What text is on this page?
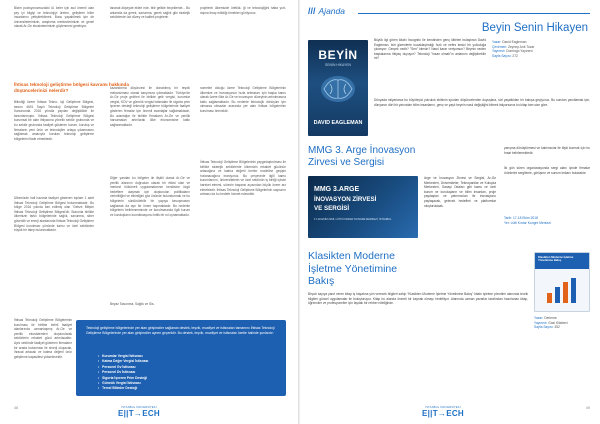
Bizim pozisyonumuzdaki ül- keler için asıl önemli olan şey iyi bilgiyi ve teknolojiyi üreten, geliştiren bilim insanlarını yetiştirebilmek. Bunu yapabilmek için de üniversitelerimizin, araştırma merkezlerimizin ve genel olarak Ar-Ge ekosistemimizin güçlenmesi gerekiyor.
lanarak düşeyde ekleri ede- bilir gelikle birçeklerde... Bu anlamda da gerek, savunma, gerek sağlık gibi stratejik sektörlerde üst düzey ve kaliteli projelerin
projelerin ülkemizde üretildi- ği ve teknolojiğini hatta yurt- dışına ihraç edildiği örnekleri görüyoruz.
İhtisas teknoloji geliştirme bölgesi kavramı hakkında düşüncelerinizi nelerdir?
Bilindiği üzere İhtisas Tekno- loji Geliştirme Bölgesi, tanımı 4691 Sayılı Teknoloji Geliştirme Bölgeleri Kanununda 2016 yılında yapılan değişiklikle ile tanımlanmıştır. İhtisas Teknoloji Geliştirme Bölgesi kurumsal bir alan ihtiyacına yönelik sektör grubunda ve bu sektör grubunda faaliyet gösteren kurum, kuruluş ve firmaların yeni ürün ve teknolojiler ortaya çıkarmasını sağlamak amacıyla kurulan teknoloji geliştirme bölgelerini ifade etmektedir.
Ülkemizde hali hazırda faaliyet gösteren toplam 1 adet İhtisas Teknoloji Geliştirme Bölgesi bulunmaktadır. Bu bölge 2016 yılında ilan edilmiş olan 'Gebze Bilişim İhtisas Teknoloji Geliştirme Bölgesi'dir. Bununla birlikte ülkemizin farklı bölgelerinde sağlık, savunma, siber güvenlik ve enerji alanlarında İhtisas Teknoloji Geliştirme Bölgesi kurulması yönünde kamu ve özel sektörden büyük bir talep bulunmaktadır.
İhtisas Teknoloji Geliştirme Bölgelerinin kurulması ile birlikte belirli faaliyet alanlarında uzmanlaşmış Ar-Ge ve yenilik ekosistemleri oluşturularak sektörlerin rekabet gücü artırılacaktır. Aynı sektörde faaliyet gösteren firmaların bir arada bulunması ile sinerji oluşacak, ihracat artacak ve katma değerli ürün geliştirme kapasitesi yükselecektir.
kazandırma düşüncesi ile donatılmış bir teşvik mekanizması olarak karşımıza çıkmaktadır. Türkiye'de Ar-Ge proje gelirleri ile birlikte gelir vergisi, kurumlar vergisi, KDV ve gümrük vergisi istisnaları ile sigorta prim işveren desteği teknoloji geliştirme bölgelerinde faaliyet gösteren firmalar için önemli avantajlar sağlamaktadır. Bu avantajlar ile birlikte firmaların Ar-Ge ve yenilik harcamaları artırılarak ülke ekonomisine katkı sağlanmaktadır.
Diğer yandan bu bölgeler ile ilişkili olarak Ar-Ge ve yenilik alanının doğrudan olarak bir etkisi olan ve merkezi hükümeti uygulamalarının kendisine özgü hedeflere ulaşmak için oluşturulan politikaların verimliliğini ve etkinliğini göz önünde bulundurmak ve bu bölgelerin sürdürülebilir bir yapıya kavuşmasını sağlamak da ayrı bir önem taşımaktadır. Bu nedenle bölgelerin belirlenmesinde ve kurulmasında ilgili kurum ve kuruluşların koordinasyonu kritik bir rol oynamaktadır.
Beyaz Savunma, Sağlık ve Sis-
nomeleri olduğu üzere Teknoloji Geliştirme Bölgelerinin ülkemize ve inovasyonun hızla artmasını için başka kamu olarak üzere ülke Ar-Ge ve inovasyon düzeyinin artırılmasına katkı sağlamaktadır. Bu nedenle teknolojik dönüşüm için olmazsa olmazlar arasında yer alan ihtisas bölgelerinin kurulması önemlidir.
İhtisas Teknoloji Geliştirme Bölgelerinin yaygınlaştırılması ile birlikte stratejik sektörlerde ülkemizin rekabet gücünün artacağına ve katma değerli üretim modeline geçişin hızlanacağına inanıyoruz. Bu çerçevede ilgili kamu kurumlarının, üniversitelerin ve özel sektörün iş birliği içinde hareket etmesi, sürecin başarısı açısından büyük önem arz etmektedir. İhtisas Teknoloji Geliştirme Bölgelerinin sayısının artması da bu hedefe hizmet edecektir.
Teknoloji geliştirme bölgelerinde yer alan girişimciler sağlanan destek, teşvik, muafiyet ve istisnaları tamamını İhtisas Teknoloji Geliştirme Bölgelerinde yer alan girişimciler aynen geçerlidir. Bu destek, teşvik, muafiyet ve istisnalar özetle halinde şunlardır:
• Kurumlar Vergisi İstisnası
• Katma Değer Vergisi İstisnası
• Personel Gv İstisnası
• Personel Dv İstisnası
• Sigorta İşveren Prim Desteği
• Gümrük Vergisi İstisnası
• Temel Bilimler Desteği
48	İSTANBUL ÜNİVERSİTESİ
E||T→ECH
/// Ajanda
Beyin Senin Hikayen
BEYİN
SENİN HİKAYEN
DAVID EAGLEMAN
Büyük ilgi gören kitabı İncognito ile kendinden genç kitleleri bulaştıran David Eagleman, bizi gizemlerle kucaklaştırdığı hızlı ve nefes kesici bir yolculuğa çıkarıyor: Gerçek nedir? "Sen" kimsin? Nasıl karar veriyorsun? Beynin neden başkalarına ihtiyaç duyuyor? Teknoloji "insan olmak"ın anlamını değiştirebilir mi?
Dünyada milyarlarca bu büyüleyici yolculuk ekibinin sporları düşüncelerden duyuşlara, sizi yaşattıkları bir bakışa geçiyoruz. Bu soruları yanıtlamak için, dünyanın dört bir yanından bilim insanlarını, genç ve yaşlı beynin nasıl değiştiğini bilmek istiyorsanız bu kitap tam size göre.
Yazar: David Eagleman
Çevirmen: Zeynep Arık Tozar
Yayınevi: Domingo Yayınevi
Sayfa Sayısı: 272
MMG 3. Arge İnovasyon
Zirvesi ve Sergisi
MMG 3.ARGE
İNOVASYON ZİRVESİ
VE SERGİSİ
17-18 EKİM 2018, LÜTFİ KIRDAR KONGRE MERKEZİ, İSTANBUL
Arge ve İnovasyon Zirvesi ve Sergisi, Ar-Ge Merkezleri, Üniversiteler, Teknoparklar ve Kuluçka Merkezleri, Sanayi Odaları gibi kamu ve özel kurum ve kuruluşların ve bilim insanları, proje paydaşları ve yatırımcıları ile inovasyonu paylaşacak, gelecek hedefleri ve platformlar oluşturulacak.
yarışma dönüştürmesi ve katılımcılar ile ilişki kurmak için bu fırsat belirlemektedir.
İki gün süren organizasyonda sergi alanı içinde firmalar ürünlerini sergileme, görüşme ve sunum imkanı bulacaktır.
Tarih: 17-18 Ekim 2018
Yer: Lütfi Kırdar Kongre Merkezi
Klasikten Moderne
İşletme Yönetimine
Bakış
Klasikten Moderne İşletme Yönetimine Bakış
Yazar: Derleme
Yayınevi: Gazi Kitabevi
Sayfa Sayısı: 352
Birçok sayıya yanıt veren kitap iş hayatına yön verecek bilgileri sahip "Klasikten Moderne İşletme Yönetimine Bakış" kitabı işletme yönetimi alanında teorik bilgileri güncel uygulamalar ile buluşturuyor. Kitap bu alanda önemli bir kaynak olmayı hedefliyor. Alanında uzman yazarlar tarafından hazırlanan kitap, öğrenciler ve profesyoneller için faydalı bir rehber niteliğinde.
İSTANBUL ÜNİVERSİTESİ
E||T→ECH
49
